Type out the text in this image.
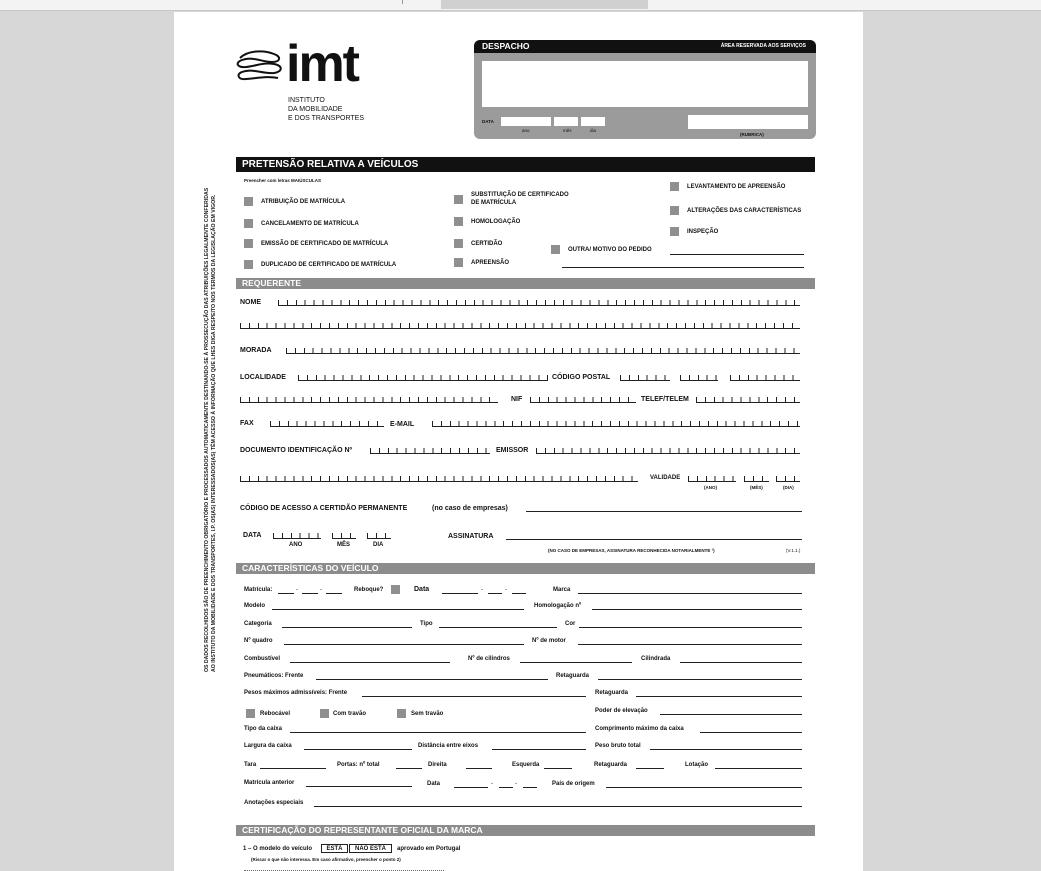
imt
INSTITUTO
DA MOBILIDADE
E DOS TRANSPORTES
DESPACHO	ÁREA RESERVADA AOS SERVIÇOS
DATA
ano	mês	dia
(RUBRICA)
OS DADOS RECOLHIDOS SÃO DE PREENCHIMENTO OBRIGATÓRIO E PROCESSADOS AUTOMATICAMENTE DESTINANDO-SE À PROSSECUÇÃO DAS ATRIBUIÇÕES LEGALMENTE CONFERIDAS AO INSTITUTO DA MOBILIDADE E DOS TRANSPORTES, I.P. OS(AS) INTERESSADOS(AS) TÊM ACESSO À INFORMAÇÃO QUE LHES DIGA RESPEITO NOS TERMOS DA LEGISLAÇÃO EM VIGOR.
PRETENSÃO RELATIVA A VEÍCULOS
Preencher com letras MAIÚSCULAS
ATRIBUIÇÃO DE MATRÍCULA
CANCELAMENTO DE MATRÍCULA
EMISSÃO DE CERTIFICADO DE MATRÍCULA
DUPLICADO DE CERTIFICADO DE MATRÍCULA
SUBSTITUIÇÃO DE CERTIFICADO
DE MATRÍCULA
HOMOLOGAÇÃO
CERTIDÃO
APREENSÃO
LEVANTAMENTO DE APREENSÃO
ALTERAÇÕES DAS CARACTERÍSTICAS
INSPEÇÃO
OUTRA/ MOTIVO DO PEDIDO
REQUERENTE
NOME
MORADA
LOCALIDADE	CÓDIGO POSTAL
NIF	TELEF/TELEM
FAX	E-MAIL
DOCUMENTO IDENTIFICAÇÃO Nº	EMISSOR
VALIDADE
(ANO)	(MÊS)	(DIA)
CÓDIGO DE ACESSO A CERTIDÃO PERMANENTE	(no caso de empresas)
DATA
ANO	MÊS	DIA
ASSINATURA
(NO CASO DE EMPRESAS, ASSINATURA RECONHECIDA NOTARIALMENTE ¹)	(V.1.1.)
CARACTERÍSTICAS DO VEÍCULO
Matrícula:	-	-	Reboque?	Data	-	-	Marca
Modelo	Homologação nº
Categoria	Tipo	Cor
Nº quadro	Nº de motor
Combustível	Nº de cilindros	Cilindrada
Pneumáticos: Frente	Retaguarda
Pesos máximos admissíveis: Frente	Retaguarda
Rebocável	Com travão	Sem travão	Poder de elevação
Tipo da caixa	Comprimento máximo da caixa
Largura da caixa	Distância entre eixos	Peso bruto total
Tara	Portas: nº total	Direita	Esquerda	Retaguarda	Lotação
Matrícula anterior	Data	-	-	País de origem
Anotações especiais
CERTIFICAÇÃO DO REPRESENTANTE OFICIAL DA MARCA
1 – O modelo do veículo	ESTÁ	NÃO ESTÁ	aprovado em Portugal
(Riscar o que não interessa. Em caso afirmativo, preencher o ponto 2)
